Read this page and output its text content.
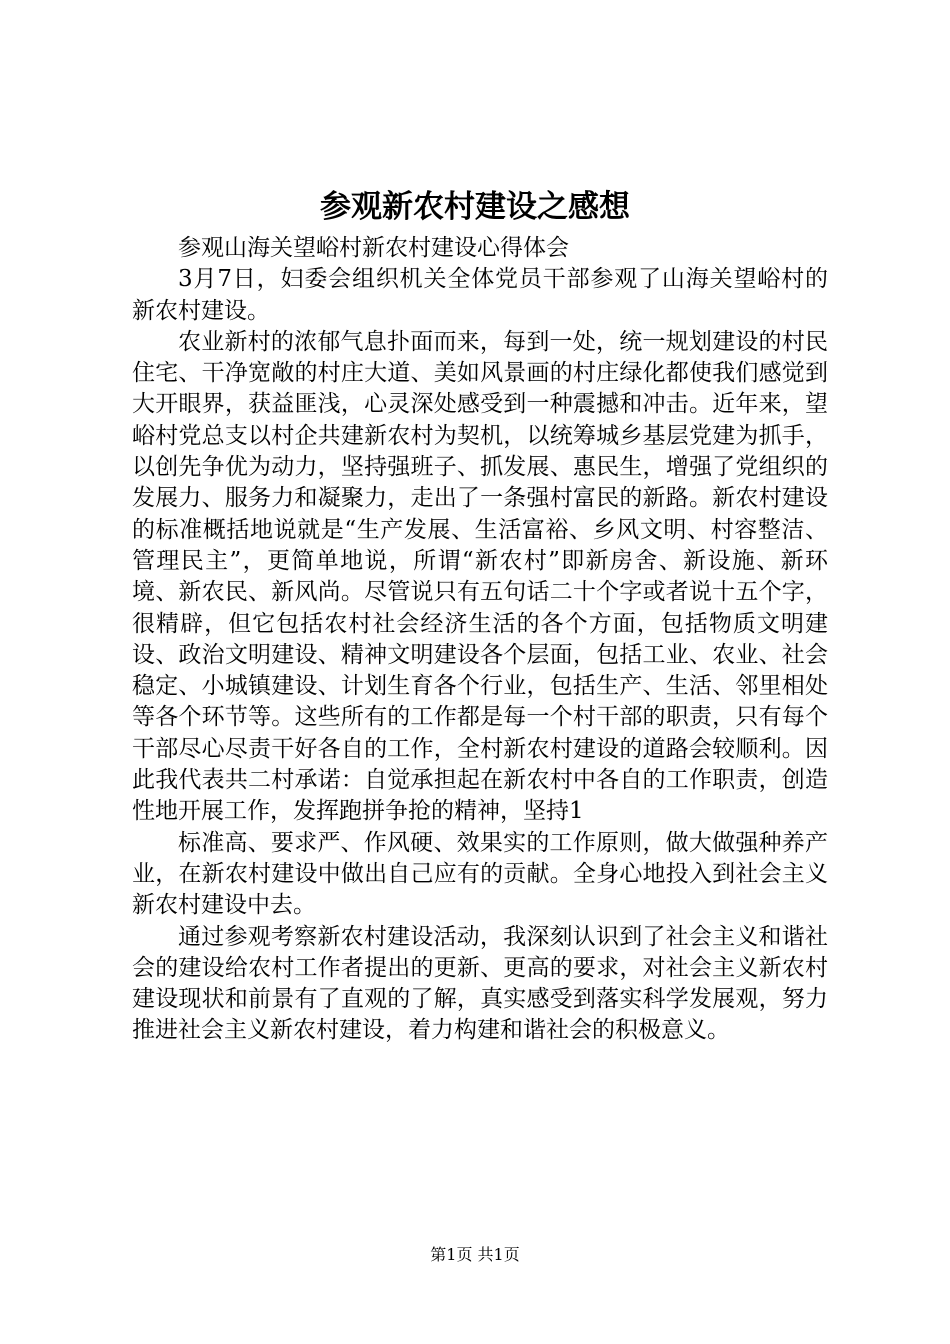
参观新农村建设之感想

参观山海关望峪村新农村建设心得体会

3月7日，妇委会组织机关全体党员干部参观了山海关望峪村的新农村建设。

农业新村的浓郁气息扑面而来，每到一处，统一规划建设的村民住宅、干净宽敞的村庄大道、美如风景画的村庄绿化都使我们感觉到大开眼界，获益匪浅，心灵深处感受到一种震撼和冲击。近年来，望峪村党总支以村企共建新农村为契机，以统筹城乡基层党建为抓手，以创先争优为动力，坚持强班子、抓发展、惠民生，增强了党组织的发展力、服务力和凝聚力，走出了一条强村富民的新路。新农村建设的标准概括地说就是“生产发展、生活富裕、乡风文明、村容整洁、管理民主”，更简单地说，所谓“新农村”即新房舍、新设施、新环境、新农民、新风尚。尽管说只有五句话二十个字或者说十五个字，很精辟，但它包括农村社会经济生活的各个方面，包括物质文明建设、政治文明建设、精神文明建设各个层面，包括工业、农业、社会稳定、小城镇建设、计划生育各个行业，包括生产、生活、邻里相处等各个环节等。这些所有的工作都是每一个村干部的职责，只有每个干部尽心尽责干好各自的工作，全村新农村建设的道路会较顺利。因此我代表共二村承诺：自觉承担起在新农村中各自的工作职责，创造性地开展工作，发挥跑拼争抢的精神，坚持1

标准高、要求严、作风硬、效果实的工作原则，做大做强种养产业，在新农村建设中做出自己应有的贡献。全身心地投入到社会主义新农村建设中去。

通过参观考察新农村建设活动，我深刻认识到了社会主义和谐社会的建设给农村工作者提出的更新、更高的要求，对社会主义新农村建设现状和前景有了直观的了解，真实感受到落实科学发展观，努力推进社会主义新农村建设，着力构建和谐社会的积极意义。

第1页 共1页
